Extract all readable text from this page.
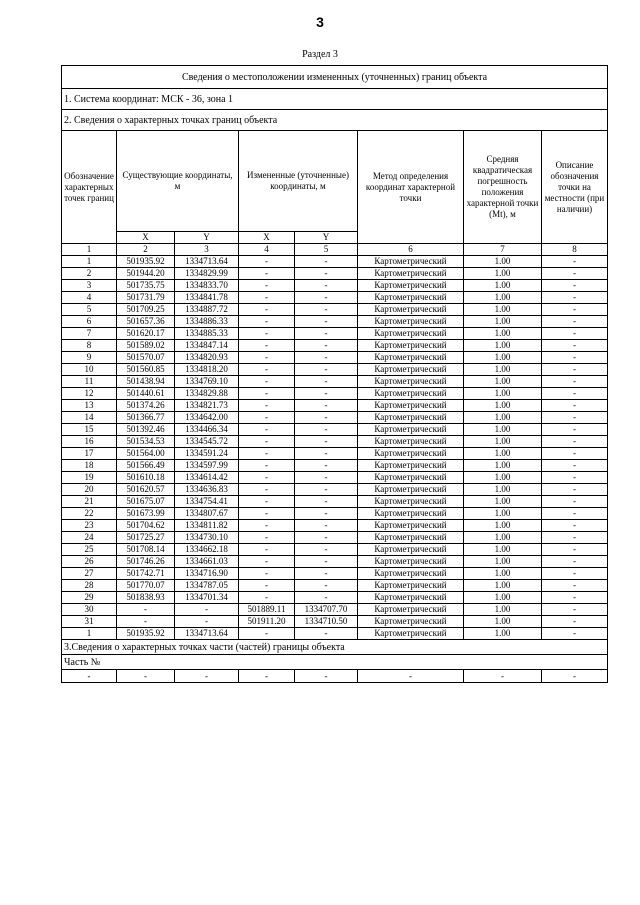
3
Раздел 3
Сведения о местоположении измененных (уточненных) границ объекта							
1. Система координат: МСК - 36, зона 1							
2. Сведения о характерных точках границ объекта							
Обозначение характерных точек границ	Существующие координаты, м		Измененные (уточненные) координаты, м		Метод определения координат характерной точки	Средняя квадратическая погрешность положения характерной точки (Mt), м	Описание обозначения точки на местности (при наличии)
	X	Y	X	Y			
1	2	3	4	5	6	7	8
1	501935.92	1334713.64	-	-	Картометрический	1.00	-
2	501944.20	1334829.99	-	-	Картометрический	1.00	-
3	501735.75	1334833.70	-	-	Картометрический	1.00	-
4	501731.79	1334841.78	-	-	Картометрический	1.00	-
5	501709.25	1334887.72	-	-	Картометрический	1.00	-
6	501657.36	1334886.33	-	-	Картометрический	1.00	-
7	501620.17	1334885.33	-	-	Картометрический	1.00	-
8	501589.02	1334847.14	-	-	Картометрический	1.00	-
9	501570.07	1334820.93	-	-	Картометрический	1.00	-
10	501560.85	1334818.20	-	-	Картометрический	1.00	-
11	501438.94	1334769.10	-	-	Картометрический	1.00	-
12	501440.61	1334829.88	-	-	Картометрический	1.00	-
13	501374.26	1334821.73	-	-	Картометрический	1.00	-
14	501366.77	1334642.00	-	-	Картометрический	1.00	-
15	501392.46	1334466.34	-	-	Картометрический	1.00	-
16	501534.53	1334545.72	-	-	Картометрический	1.00	-
17	501564.00	1334591.24	-	-	Картометрический	1.00	-
18	501566.49	1334597.99	-	-	Картометрический	1.00	-
19	501610.18	1334614.42	-	-	Картометрический	1.00	-
20	501620.57	1334636.83	-	-	Картометрический	1.00	-
21	501675.07	1334754.41	-	-	Картометрический	1.00	-
22	501673.99	1334807.67	-	-	Картометрический	1.00	-
23	501704.62	1334811.82	-	-	Картометрический	1.00	-
24	501725.27	1334730.10	-	-	Картометрический	1.00	-
25	501708.14	1334662.18	-	-	Картометрический	1.00	-
26	501746.26	1334661.03	-	-	Картометрический	1.00	-
27	501742.71	1334716.90	-	-	Картометрический	1.00	-
28	501770.07	1334787.05	-	-	Картометрический	1.00	-
29	501838.93	1334701.34	-	-	Картометрический	1.00	-
30	-	-	501889.11	1334707.70	Картометрический	1.00	-
31	-	-	501911.20	1334710.50	Картометрический	1.00	-
1	501935.92	1334713.64	-	-	Картометрический	1.00	-
3.Сведения о характерных точках части (частей) границы объекта							
Часть №							
-	-	-	-	-	-	-	-
